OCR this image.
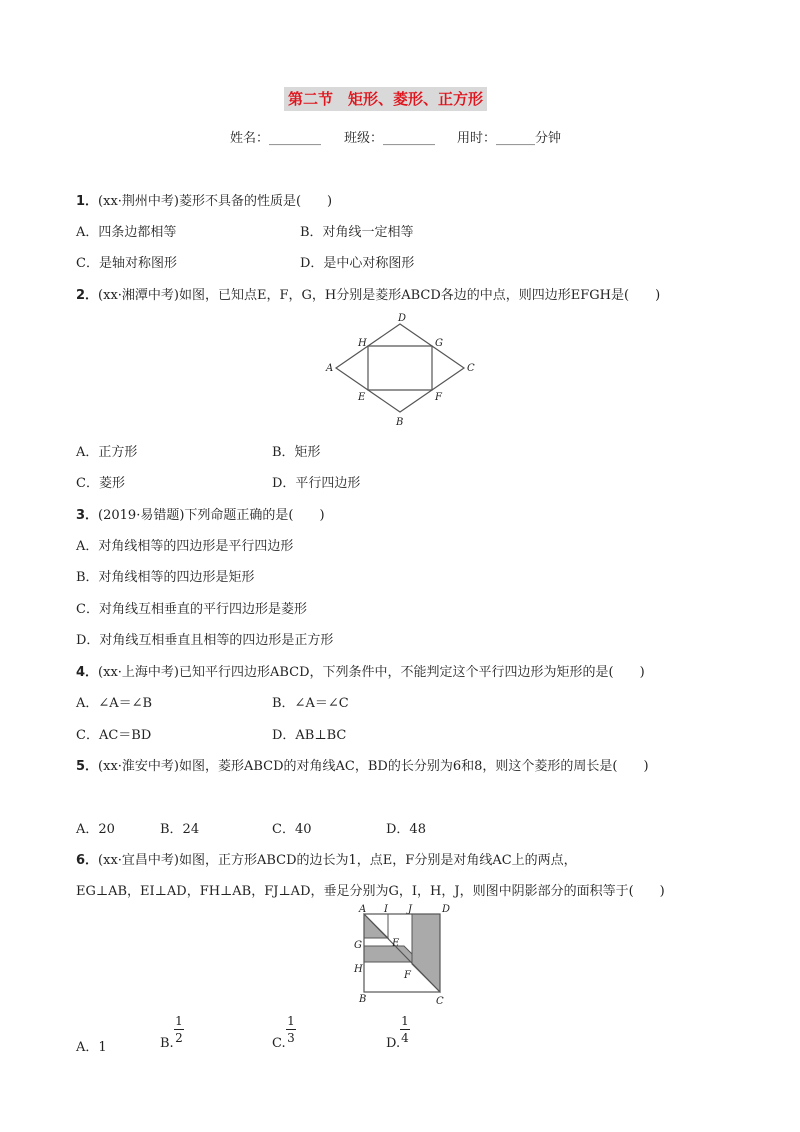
第二节　矩形、菱形、正方形
姓名：________ 班级：________ 用时：______分钟
1．(xx·荆州中考)菱形不具备的性质是(　　)
A．四条边都相等	B．对角线一定相等
C．是轴对称图形	D．是中心对称图形
2．(xx·湘潭中考)如图，已知点E，F，G，H分别是菱形ABCD各边的中点，则四边形EFGH是(　　)
D
H	G
A	C
E	F
B
A．正方形	B．矩形
C．菱形	D．平行四边形
3．(2019·易错题)下列命题正确的是(　　)
A．对角线相等的四边形是平行四边形
B．对角线相等的四边形是矩形
C．对角线互相垂直的平行四边形是菱形
D．对角线互相垂直且相等的四边形是正方形
4．(xx·上海中考)已知平行四边形ABCD，下列条件中，不能判定这个平行四边形为矩形的是(　　)
A．∠A＝∠B	B．∠A＝∠C
C．AC＝BD	D．AB⊥BC
5．(xx·淮安中考)如图，菱形ABCD的对角线AC，BD的长分别为6和8，则这个菱形的周长是(　　)
A．20	B．24	C．40	D．48
6．(xx·宜昌中考)如图，正方形ABCD的边长为1，点E，F分别是对角线AC上的两点，
EG⊥AB，EI⊥AD，FH⊥AB，FJ⊥AD，垂足分别为G，I，H，J，则图中阴影部分的面积等于(　　)
A I J	D
G	E
H
F
B	C
A．1	B.
1
2	C.
1
3	D.
1
4
